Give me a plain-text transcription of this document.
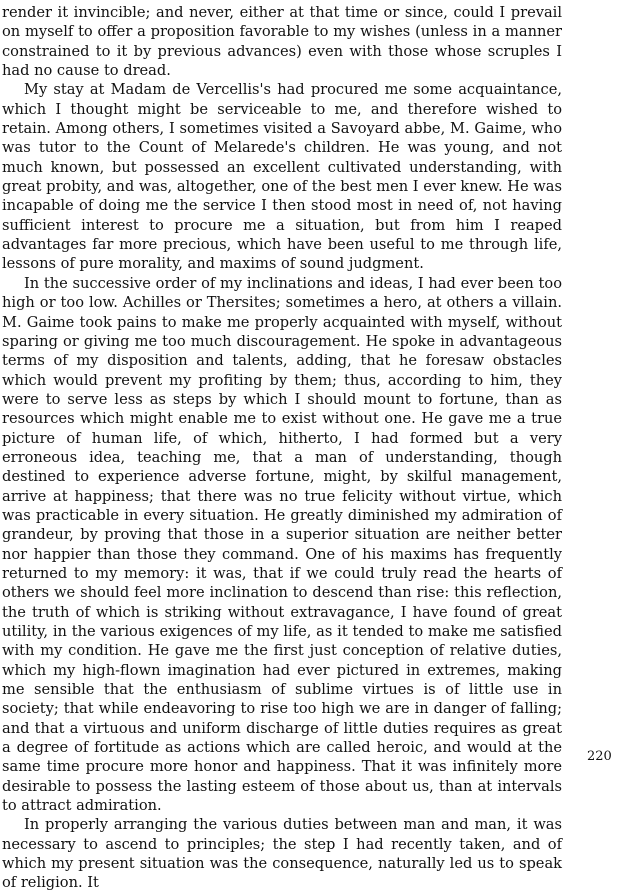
render it invincible; and never, either at that time or since, could I prevail on myself to offer a proposition favorable to my wishes (unless in a manner constrained to it by previous advances) even with those whose scruples I had no cause to dread.

My stay at Madam de Vercellis's had procured me some acquaintance, which I thought might be serviceable to me, and therefore wished to retain. Among others, I sometimes visited a Savoyard abbe, M. Gaime, who was tutor to the Count of Melarede's children. He was young, and not much known, but possessed an excellent cultivated understanding, with great probity, and was, altogether, one of the best men I ever knew. He was incapable of doing me the service I then stood most in need of, not having sufficient interest to procure me a situation, but from him I reaped advantages far more precious, which have been useful to me through life, lessons of pure morality, and maxims of sound judgment.

In the successive order of my inclinations and ideas, I had ever been too high or too low. Achilles or Thersites; sometimes a hero, at others a villain. M. Gaime took pains to make me properly acquainted with myself, without sparing or giving me too much discouragement. He spoke in advantageous terms of my disposition and talents, adding, that he foresaw obstacles which would prevent my profiting by them; thus, according to him, they were to serve less as steps by which I should mount to fortune, than as resources which might enable me to exist without one. He gave me a true picture of human life, of which, hitherto, I had formed but a very erroneous idea, teaching me, that a man of understanding, though destined to experience adverse fortune, might, by skilful management, arrive at happiness; that there was no true felicity without virtue, which was practicable in every situation. He greatly diminished my admiration of grandeur, by proving that those in a superior situation are neither better nor happier than those they command. One of his maxims has frequently returned to my memory: it was, that if we could truly read the hearts of others we should feel more inclination to descend than rise: this reflection, the truth of which is striking without extravagance, I have found of great utility, in the various exigences of my life, as it tended to make me satisfied with my condition. He gave me the first just conception of relative duties, which my high-flown imagination had ever pictured in extremes, making me sensible that the enthusiasm of sublime virtues is of little use in society; that while endeavoring to rise too high we are in danger of falling; and that a virtuous and uniform discharge of little duties requires as great a degree of fortitude as actions which are called heroic, and would at the same time procure more honor and happiness. That it was infinitely more desirable to possess the lasting esteem of those about us, than at intervals to attract admiration.

In properly arranging the various duties between man and man, it was necessary to ascend to principles; the step I had recently taken, and of which my present situation was the consequence, naturally led us to speak of religion. It

220
